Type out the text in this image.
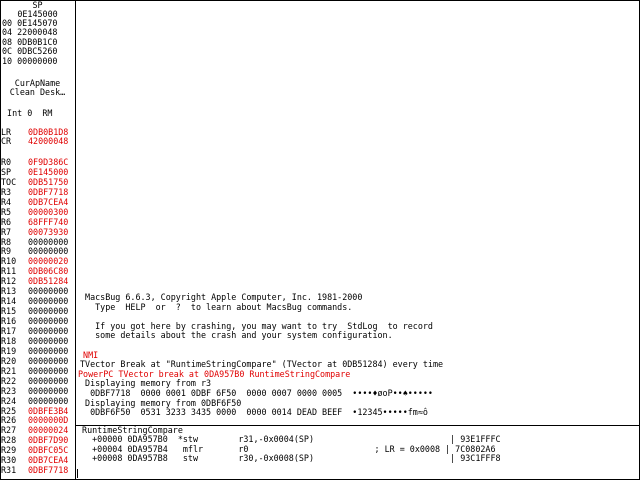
SP
0E145000
00 0E145070
04 22000048
08 0DB0B1C0
0C 0DBC5260
10 00000000
CurApName
Clean Desk…
Int 0  RM
LR 0DB0B1D8
CR 42000048
R0 0F9D386C
SP 0E145000
TOC 0DB51750
R3 0DBF7718
R4 0DB7CEA4
R5 00000300
R6 68FFF740
R7 00073930
R8 00000000
R9 00000000
R10 00000020
R11 0DB06C80
R12 0DB51284
R13 00000000
R14 00000000
R15 00000000
R16 00000000
R17 00000000
R18 00000000
R19 00000000
R20 00000000
R21 00000000
R22 00000000
R23 00000000
R24 00000000
R25 0DBFE3B4
R26 0000000D
R27 00000024
R28 0DBF7D90
R29 0DBFC05C
R30 0DB7CEA4
R31 0DBF7718
MacsBug 6.6.3, Copyright Apple Computer, Inc. 1981-2000
Type  HELP  or  ?  to learn about MacsBug commands.
If you got here by crashing, you may want to try  StdLog  to record
some details about the crash and your system configuration.
NMI
TVector Break at "RuntimeStringCompare" (TVector at 0DB51284) every time
PowerPC TVector break at 0DA957B0 RuntimeStringCompare
Displaying memory from r3
0DBF7718  0000 0001 0DBF 6F50  0000 0007 0000 0005  ••••♦øoP••♠•••••
Displaying memory from 0DBF6F50
0DBF6F50  0531 3233 3435 0000  0000 0014 DEAD BEEF  •12345•••••fm≈ô
RuntimeStringCompare
+00000 0DA957B0  *stw        r31,-0x0004(SP)                           | 93E1FFFC
+00004 0DA957B4   mflr       r0                         ; LR = 0x0008 | 7C0802A6
+00008 0DA957B8   stw        r30,-0x0008(SP)                           | 93C1FFF8
